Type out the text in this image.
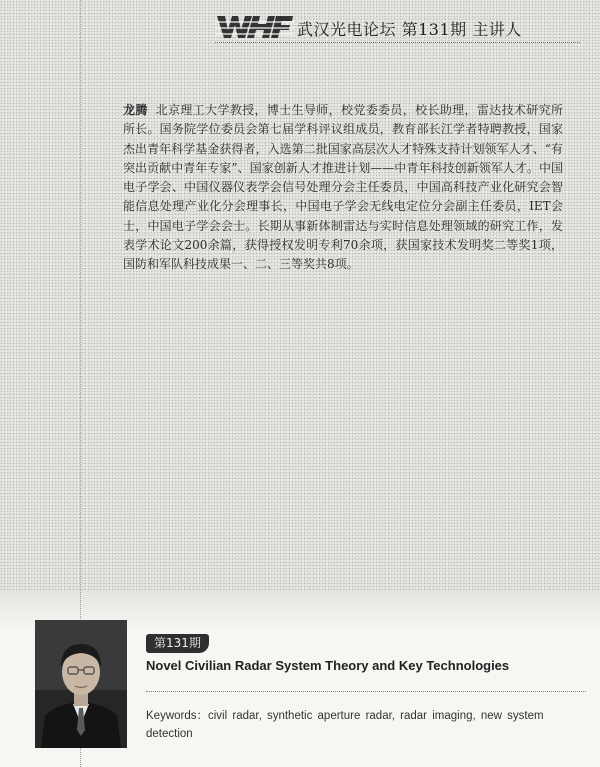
武汉光电论坛 第131期 主讲人

龙腾 北京理工大学教授，博士生导师，校党委委员，校长助理，雷达技术研究所所长。国务院学位委员会第七届学科评议组成员，教育部长江学者特聘教授，国家杰出青年科学基金获得者，入选第二批国家高层次人才特殊支持计划领军人才、“有突出贡献中青年专家”、国家创新人才推进计划——中青年科技创新领军人才。中国电子学会、中国仪器仪表学会信号处理分会主任委员，中国高科技产业化研究会智能信息处理产业化分会理事长，中国电子学会无线电定位分会副主任委员，IET会士，中国电子学会会士。长期从事新体制雷达与实时信息处理领域的研究工作，发表学术论文200余篇，获得授权发明专利70余项，获国家技术发明奖二等奖1项，国防和军队科技成果一、二、三等奖共8项。

第131期
Novel Civilian Radar System Theory and Key Technologies
Keywords：civil radar, synthetic aperture radar, radar imaging, new system detection
